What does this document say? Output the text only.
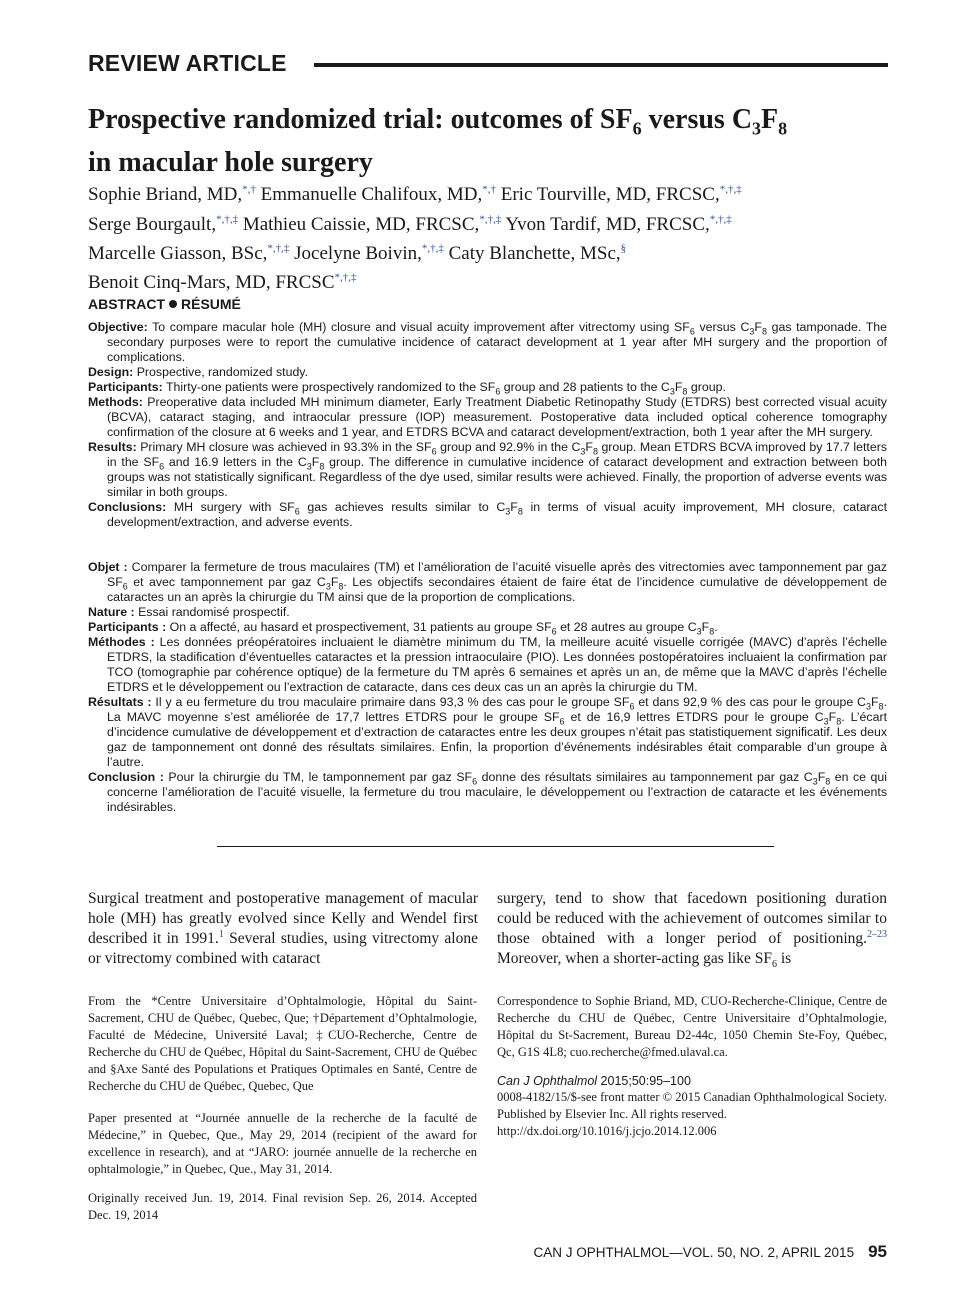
REVIEW ARTICLE
Prospective randomized trial: outcomes of $SF_6$ versus $C_3F_8$
in macular hole surgery
Sophie Briand, MD,*,† Emmanuelle Chalifoux, MD,*,† Eric Tourville, MD, FRCSC,*,†,‡
Serge Bourgault,*,†,‡ Mathieu Caissie, MD, FRCSC,*,†,‡ Yvon Tardif, MD, FRCSC,*,†,‡
Marcelle Giasson, BSc,*,†,‡ Jocelyne Boivin,*,†,‡ Caty Blanchette, MSc,§
Benoit Cinq-Mars, MD, FRCSC*,†,‡
ABSTRACT RÉSUMÉ

Objective: To compare macular hole (MH) closure and visual acuity improvement after vitrectomy using $SF_6$ versus $C_3F_8$ gas tamponade. The secondary purposes were to report the cumulative incidence of cataract development at 1 year after MH surgery and the proportion of complications.

Design: Prospective, randomized study.

Participants: Thirty-one patients were prospectively randomized to the $SF_6$ group and 28 patients to the $C_3F_8$ group.

Methods: Preoperative data included MH minimum diameter, Early Treatment Diabetic Retinopathy Study (ETDRS) best corrected visual acuity (BCVA), cataract staging, and intraocular pressure (IOP) measurement. Postoperative data included optical coherence tomography confirmation of the closure at 6 weeks and 1 year, and ETDRS BCVA and cataract development/extraction, both 1 year after the MH surgery.

Results: Primary MH closure was achieved in 93.3% in the $SF_6$ group and 92.9% in the $C_3F_8$ group. Mean ETDRS BCVA improved by 17.7 letters in the $SF_6$ and 16.9 letters in the $C_3F_8$ group. The difference in cumulative incidence of cataract development and extraction between both groups was not statistically significant. Regardless of the dye used, similar results were achieved. Finally, the proportion of adverse events was similar in both groups.

Conclusions: MH surgery with $SF_6$ gas achieves results similar to $C_3F_8$ in terms of visual acuity improvement, MH closure, cataract development/extraction, and adverse events.

Objet : Comparer la fermeture de trous maculaires (TM) et l’amélioration de l’acuité visuelle après des vitrectomies avec tamponnement par gaz $SF_6$ et avec tamponnement par gaz $C_3F_8$. Les objectifs secondaires étaient de faire état de l’incidence cumulative de développement de cataractes un an après la chirurgie du TM ainsi que de la proportion de complications.

Nature : Essai randomisé prospectif.

Participants : On a affecté, au hasard et prospectivement, 31 patients au groupe $SF_6$ et 28 autres au groupe $C_3F_8$.

Méthodes : Les données préopératoires incluaient le diamètre minimum du TM, la meilleure acuité visuelle corrigée (MAVC) d’après l’échelle ETDRS, la stadification d’éventuelles cataractes et la pression intraoculaire (PIO). Les données postopératoires incluaient la confirmation par TCO (tomographie par cohérence optique) de la fermeture du TM après 6 semaines et après un an, de même que la MAVC d’après l’échelle ETDRS et le développement ou l’extraction de cataracte, dans ces deux cas un an après la chirurgie du TM.

Résultats : Il y a eu fermeture du trou maculaire primaire dans 93,3 % des cas pour le groupe $SF_6$ et dans 92,9 % des cas pour le groupe $C_3F_8$. La MAVC moyenne s’est améliorée de 17,7 lettres ETDRS pour le groupe $SF_6$ et de 16,9 lettres ETDRS pour le groupe $C_3F_8$. L’écart d’incidence cumulative de développement et d’extraction de cataractes entre les deux groupes n’était pas statistiquement significatif. Les deux gaz de tamponnement ont donné des résultats similaires. Enfin, la proportion d’événements indésirables était comparable d’un groupe à l’autre.

Conclusion : Pour la chirurgie du TM, le tamponnement par gaz $SF_6$ donne des résultats similaires au tamponnement par gaz $C_3F_8$ en ce qui concerne l’amélioration de l’acuité visuelle, la fermeture du trou maculaire, le développement ou l’extraction de cataracte et les événements indésirables.

Surgical treatment and postoperative management of macular hole (MH) has greatly evolved since Kelly and Wendel first described it in 1991.$^1$ Several studies, using vitrectomy alone or vitrectomy combined with cataract

surgery, tend to show that facedown positioning duration could be reduced with the achievement of outcomes similar to those obtained with a longer period of positioning.$^{2-23}$ Moreover, when a shorter-acting gas like $SF_6$ is

From the *Centre Universitaire d’Ophtalmologie, Hôpital du Saint-Sacrement, CHU de Québec, Quebec, Que; †Département d’Ophtalmologie, Faculté de Médecine, Université Laval; ‡CUO-Recherche, Centre de Recherche du CHU de Québec, Hôpital du Saint-Sacrement, CHU de Québec and §Axe Santé des Populations et Pratiques Optimales en Santé, Centre de Recherche du CHU de Québec, Quebec, Que

Paper presented at “Journée annuelle de la recherche de la faculté de Médecine,” in Quebec, Que., May 29, 2014 (recipient of the award for excellence in research), and at “JARO: journée annuelle de la recherche en ophtalmologie,” in Quebec, Que., May 31, 2014.

Originally received Jun. 19, 2014. Final revision Sep. 26, 2014. Accepted Dec. 19, 2014

Correspondence to Sophie Briand, MD, CUO-Recherche-Clinique, Centre de Recherche du CHU de Québec, Centre Universitaire d’Ophtalmologie, Hôpital du St-Sacrement, Bureau D2-44c, 1050 Chemin Ste-Foy, Québec, Qc, G1S 4L8; cuo.recherche@fmed.ulaval.ca.

Can J Ophthalmol 2015;50:95–100

0008-4182/15/$-see front matter © 2015 Canadian Ophthalmological Society. Published by Elsevier Inc. All rights reserved.
http://dx.doi.org/10.1016/j.jcjo.2014.12.006

CAN J OPHTHALMOL—VOL. 50, NO. 2, APRIL 2015 95
